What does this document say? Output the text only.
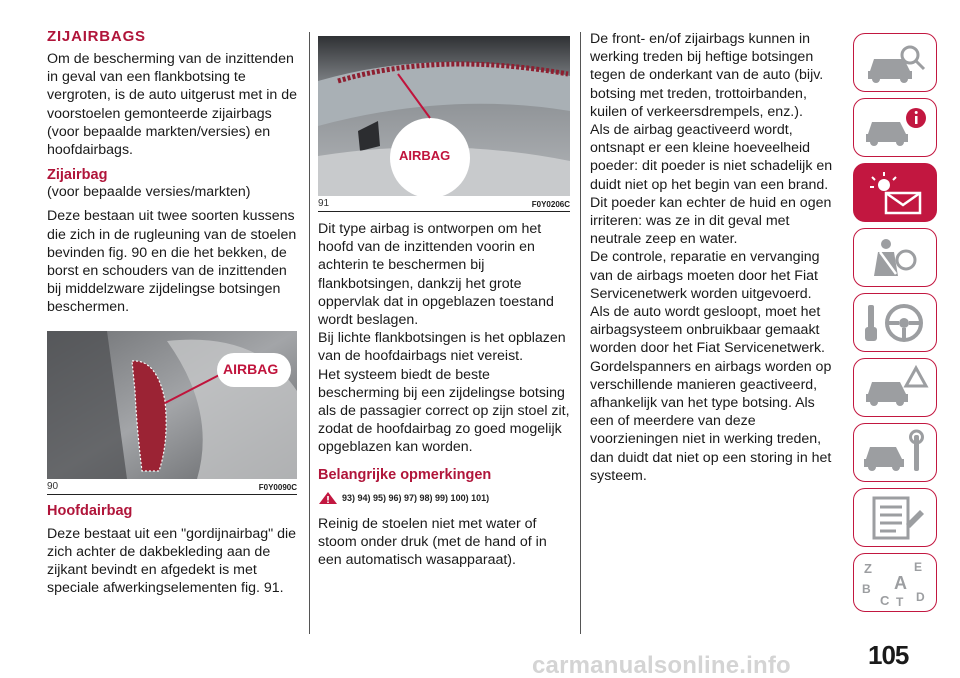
ZIJAIRBAGS

Om de bescherming van de inzittenden in geval van een flankbotsing te vergroten, is de auto uitgerust met in de voorstoelen gemonteerde zijairbags (voor bepaalde markten/versies) en hoofdairbags.

Zijairbag

(voor bepaalde versies/markten)

Deze bestaan uit twee soorten kussens die zich in de rugleuning van de stoelen bevinden fig. 90 en die het bekken, de borst en schouders van de inzittenden bij middelzware zijdelingse botsingen beschermen.

AIRBAG
90	F0Y0090C
Hoofdairbag

Deze bestaat uit een "gordijnairbag" die zich achter de dakbekleding aan de zijkant bevindt en afgedekt is met speciale afwerkingselementen fig. 91.

AIRBAG
91	F0Y0206C

Dit type airbag is ontworpen om het hoofd van de inzittenden voorin en achterin te beschermen bij flankbotsingen, dankzij het grote oppervlak dat in opgeblazen toestand wordt beslagen.
Bij lichte flankbotsingen is het opblazen van de hoofdairbags niet vereist.
Het systeem biedt de beste bescherming bij een zijdelingse botsing als de passagier correct op zijn stoel zit, zodat de hoofdairbag zo goed mogelijk opgeblazen kan worden.

Belangrijke opmerkingen
93) 94) 95) 96) 97) 98) 99) 100) 101)

Reinig de stoelen niet met water of stoom onder druk (met de hand of in een automatisch wasapparaat).

De front- en/of zijairbags kunnen in werking treden bij heftige botsingen tegen de onderkant van de auto (bijv. botsing met treden, trottoirbanden, kuilen of verkeersdrempels, enz.).
Als de airbag geactiveerd wordt, ontsnapt er een kleine hoeveelheid poeder: dit poeder is niet schadelijk en duidt niet op het begin van een brand. Dit poeder kan echter de huid en ogen irriteren: was ze in dit geval met neutrale zeep en water.
De controle, reparatie en vervanging van de airbags moeten door het Fiat Servicenetwerk worden uitgevoerd.
Als de auto wordt gesloopt, moet het airbagsysteem onbruikbaar gemaakt worden door het Fiat Servicenetwerk.
Gordelspanners en airbags worden op verschillende manieren geactiveerd, afhankelijk van het type botsing. Als een of meerdere van deze voorzieningen niet in werking treden, dan duidt dat niet op een storing in het systeem.

Z	E
A
B
C T D
carmanualsonline.info	105
